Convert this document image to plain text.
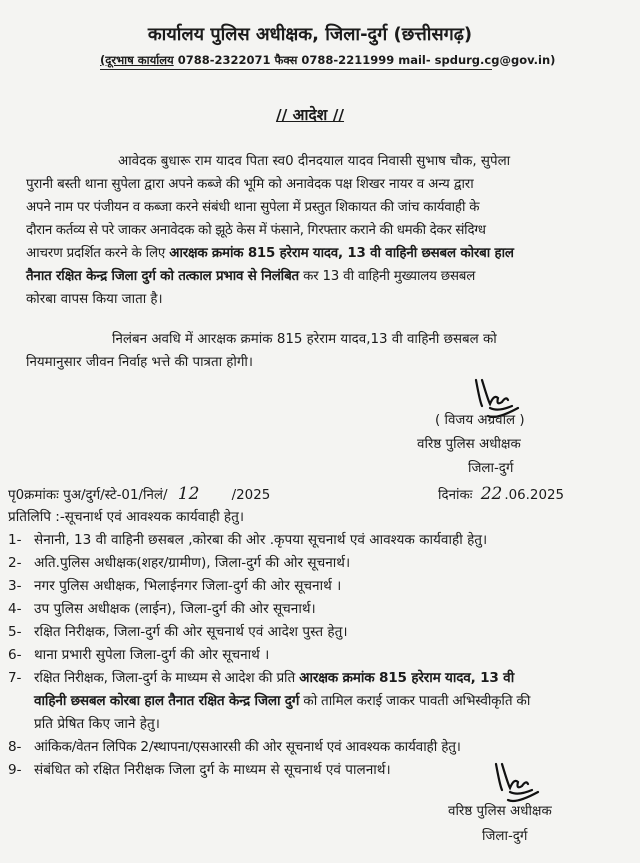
कार्यालय पुलिस अधीक्षक, जिला-दुर्ग (छत्तीसगढ़)
(दूरभाष कार्यालय 0788-2322071 फैक्स 0788-2211999 mail- spdurg.cg@gov.in)
// आदेश //
आवेदक बुधारू राम यादव पिता स्व0 दीनदयाल यादव निवासी सुभाष चौक, सुपेला
पुरानी बस्ती थाना सुपेला द्वारा अपने कब्जे की भूमि को अनावेदक पक्ष शिखर नायर व अन्य द्वारा
अपने नाम पर पंजीयन व कब्जा करने संबंधी थाना सुपेला में प्रस्तुत शिकायत की जांच कार्यवाही के
दौरान कर्तव्य से परे जाकर अनावेदक को झूठे केस में फंसाने, गिरफ्तार कराने की धमकी देकर संदिग्ध
आचरण प्रदर्शित करने के लिए आरक्षक क्रमांक 815 हरेराम यादव, 13 वी वाहिनी छसबल कोरबा हाल
तैनात रक्षित केन्द्र जिला दुर्ग को तत्काल प्रभाव से निलंबित कर 13 वी वाहिनी मुख्यालय छसबल
कोरबा वापस किया जाता है।
निलंबन अवधि में आरक्षक क्रमांक 815 हरेराम यादव,13 वी वाहिनी छसबल को
नियमानुसार जीवन निर्वाह भत्ते की पात्रता होगी।
( विजय अग्रवाल )
वरिष्ठ पुलिस अधीक्षक
जिला-दुर्ग
पृ0क्रमांकः पुअ/दुर्ग/स्टे-01/निलं/ 12 /2025	दिनांकः 22 .06.2025
प्रतिलिपि :-सूचनार्थ एवं आवश्यक कार्यवाही हेतु।
1- सेनानी, 13 वी वाहिनी छसबल ,कोरबा की ओर .कृपया सूचनार्थ एवं आवश्यक कार्यवाही हेतु।
2- अति.पुलिस अधीक्षक(शहर/ग्रामीण), जिला-दुर्ग की ओर सूचनार्थ।
3- नगर पुलिस अधीक्षक, भिलाईनगर जिला-दुर्ग की ओर सूचनार्थ ।
4- उप पुलिस अधीक्षक (लाईन), जिला-दुर्ग की ओर सूचनार्थ।
5- रक्षित निरीक्षक, जिला-दुर्ग की ओर सूचनार्थ एवं आदेश पुस्त हेतु।
6- थाना प्रभारी सुपेला जिला-दुर्ग की ओर सूचनार्थ ।
7- रक्षित निरीक्षक, जिला-दुर्ग के माध्यम से आदेश की प्रति आरक्षक क्रमांक 815 हरेराम यादव, 13 वी
वाहिनी छसबल कोरबा हाल तैनात रक्षित केन्द्र जिला दुर्ग को तामिल कराई जाकर पावती अभिस्वीकृति की
प्रति प्रेषित किए जाने हेतु।
8- आंकिक/वेतन लिपिक 2/स्थापना/एसआरसी की ओर सूचनार्थ एवं आवश्यक कार्यवाही हेतु।
9- संबंधित को रक्षित निरीक्षक जिला दुर्ग के माध्यम से सूचनार्थ एवं पालनार्थ।
वरिष्ठ पुलिस अधीक्षक
जिला-दुर्ग
